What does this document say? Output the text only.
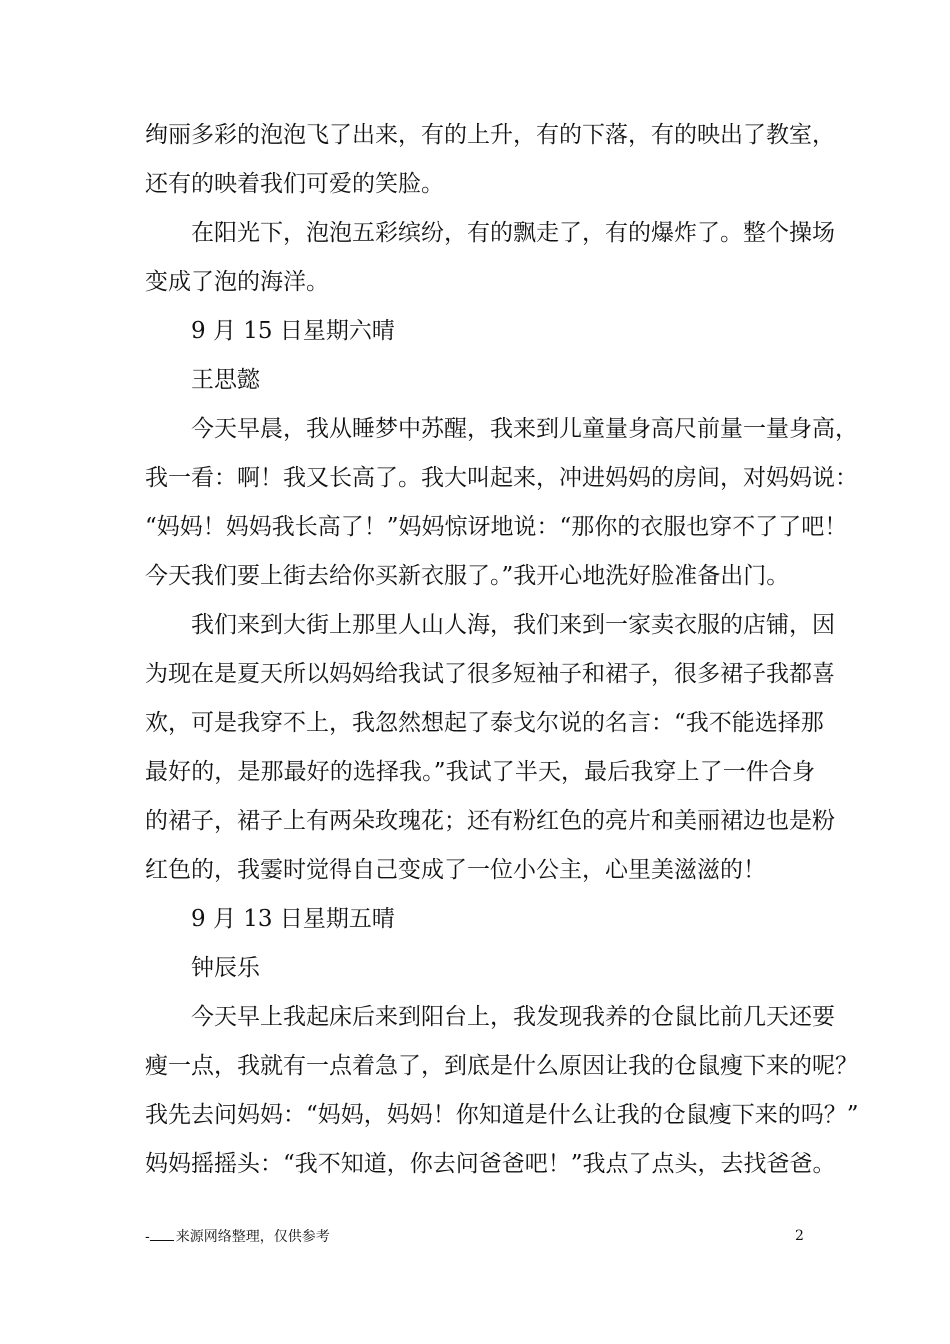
绚丽多彩的泡泡飞了出来，有的上升，有的下落，有的映出了教室，
还有的映着我们可爱的笑脸。
在阳光下，泡泡五彩缤纷，有的飘走了，有的爆炸了。整个操场
变成了泡的海洋。
9 月 15 日星期六晴
王思懿
今天早晨，我从睡梦中苏醒，我来到儿童量身高尺前量一量身高，
我一看：啊！我又长高了。我大叫起来，冲进妈妈的房间，对妈妈说：
“妈妈！妈妈我长高了！”妈妈惊讶地说：“那你的衣服也穿不了了吧！
今天我们要上街去给你买新衣服了。”我开心地洗好脸准备出门。
我们来到大街上那里人山人海，我们来到一家卖衣服的店铺，因
为现在是夏天所以妈妈给我试了很多短袖子和裙子，很多裙子我都喜
欢，可是我穿不上，我忽然想起了泰戈尔说的名言：“我不能选择那
最好的，是那最好的选择我。”我试了半天，最后我穿上了一件合身
的裙子，裙子上有两朵玫瑰花；还有粉红色的亮片和美丽裙边也是粉
红色的，我霎时觉得自己变成了一位小公主，心里美滋滋的！
9 月 13 日星期五晴
钟辰乐
今天早上我起床后来到阳台上，我发现我养的仓鼠比前几天还要
瘦一点，我就有一点着急了，到底是什么原因让我的仓鼠瘦下来的呢？
我先去问妈妈：“妈妈，妈妈！你知道是什么让我的仓鼠瘦下来的吗？”
妈妈摇摇头：“我不知道，你去问爸爸吧！”我点了点头，去找爸爸。
- 来源网络整理，仅供参考	2
